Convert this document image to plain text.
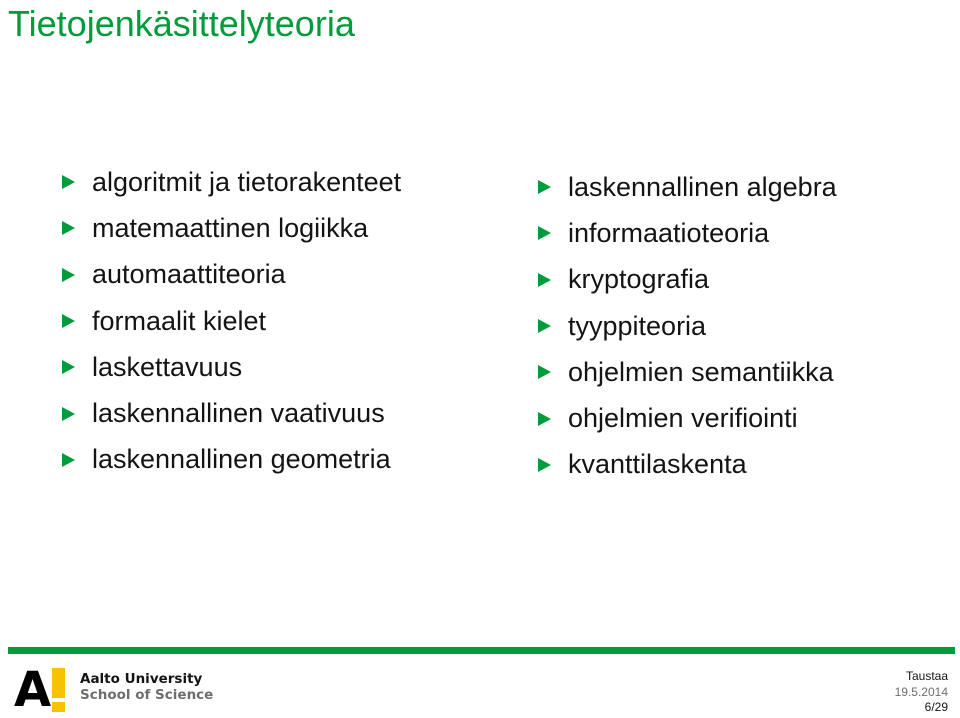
Tietojenkäsittelyteoria
algoritmit ja tietorakenteet
matemaattinen logiikka
automaattiteoria
formaalit kielet
laskettavuus
laskennallinen vaativuus
laskennallinen geometria
laskennallinen algebra
informaatioteoria
kryptografia
tyyppiteoria
ohjelmien semantiikka
ohjelmien verifiointi
kvanttilaskenta
A Aalto University
School of Science
Taustaa
19.5.2014
6/29
